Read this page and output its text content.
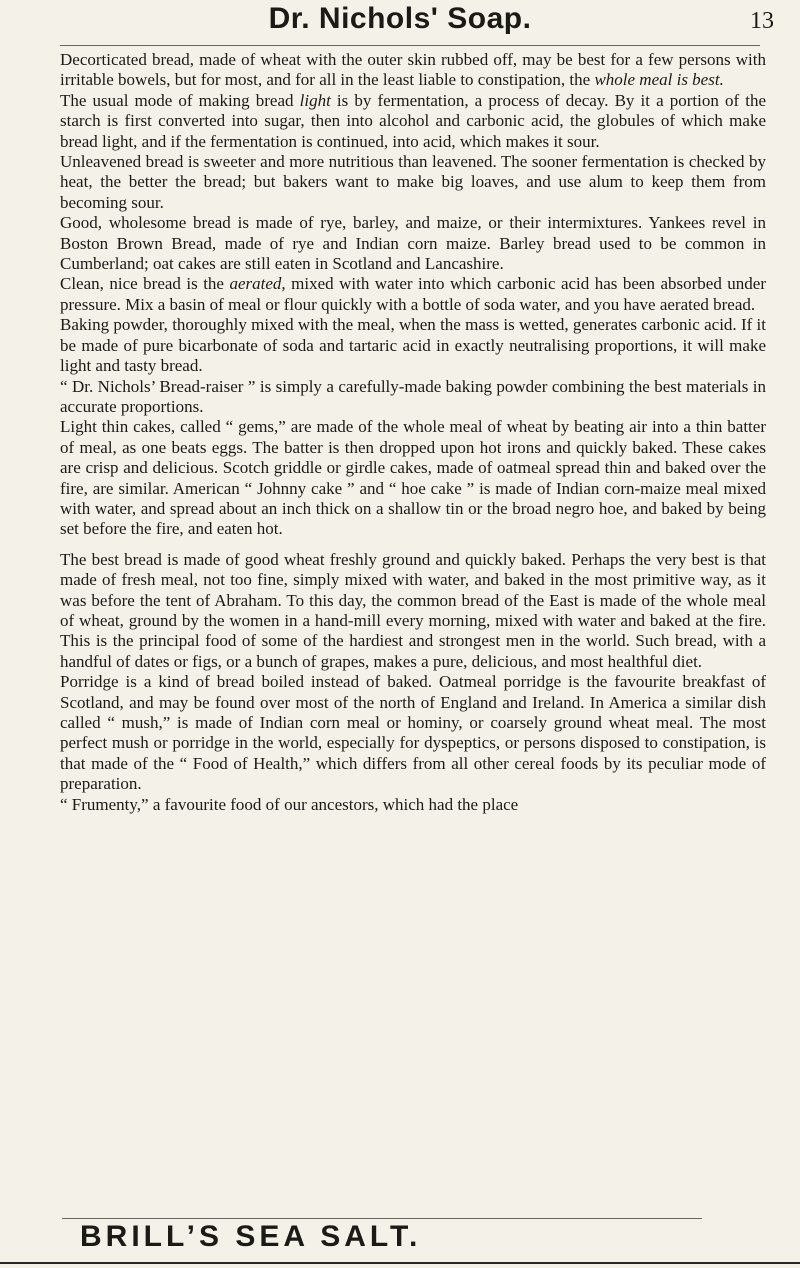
Dr. Nichols' Soap.	13

Decorticated bread, made of wheat with the outer skin rubbed off, may be best for a few persons with irritable bowels, but for most, and for all in the least liable to constipation, the whole meal is best.

The usual mode of making bread light is by fermentation, a process of decay. By it a portion of the starch is first converted into sugar, then into alcohol and carbonic acid, the globules of which make bread light, and if the fermentation is continued, into acid, which makes it sour.

Unleavened bread is sweeter and more nutritious than leavened. The sooner fermentation is checked by heat, the better the bread; but bakers want to make big loaves, and use alum to keep them from becoming sour.

Good, wholesome bread is made of rye, barley, and maize, or their intermixtures. Yankees revel in Boston Brown Bread, made of rye and Indian corn maize. Barley bread used to be common in Cumberland; oat cakes are still eaten in Scotland and Lancashire.

Clean, nice bread is the aerated, mixed with water into which carbonic acid has been absorbed under pressure. Mix a basin of meal or flour quickly with a bottle of soda water, and you have aerated bread.

Baking powder, thoroughly mixed with the meal, when the mass is wetted, generates carbonic acid. If it be made of pure bicarbonate of soda and tartaric acid in exactly neutralising proportions, it will make light and tasty bread.

“ Dr. Nichols’ Bread-raiser ” is simply a carefully-made baking powder combining the best materials in accurate proportions.

Light thin cakes, called “ gems,” are made of the whole meal of wheat by beating air into a thin batter of meal, as one beats eggs. The batter is then dropped upon hot irons and quickly baked. These cakes are crisp and delicious. Scotch griddle or girdle cakes, made of oatmeal spread thin and baked over the fire, are similar. American “ Johnny cake ” and “ hoe cake ” is made of Indian corn-maize meal mixed with water, and spread about an inch thick on a shallow tin or the broad negro hoe, and baked by being set before the fire, and eaten hot.

The best bread is made of good wheat freshly ground and quickly baked. Perhaps the very best is that made of fresh meal, not too fine, simply mixed with water, and baked in the most primitive way, as it was before the tent of Abraham. To this day, the common bread of the East is made of the whole meal of wheat, ground by the women in a hand-mill every morning, mixed with water and baked at the fire. This is the principal food of some of the hardiest and strongest men in the world. Such bread, with a handful of dates or figs, or a bunch of grapes, makes a pure, delicious, and most healthful diet.

Porridge is a kind of bread boiled instead of baked. Oatmeal porridge is the favourite breakfast of Scotland, and may be found over most of the north of England and Ireland. In America a similar dish called “ mush,” is made of Indian corn meal or hominy, or coarsely ground wheat meal. The most perfect mush or porridge in the world, especially for dyspeptics, or persons disposed to constipation, is that made of the “ Food of Health,” which differs from all other cereal foods by its peculiar mode of preparation.

“ Frumenty,” a favourite food of our ancestors, which had the place

BRILL’S SEA SALT.
